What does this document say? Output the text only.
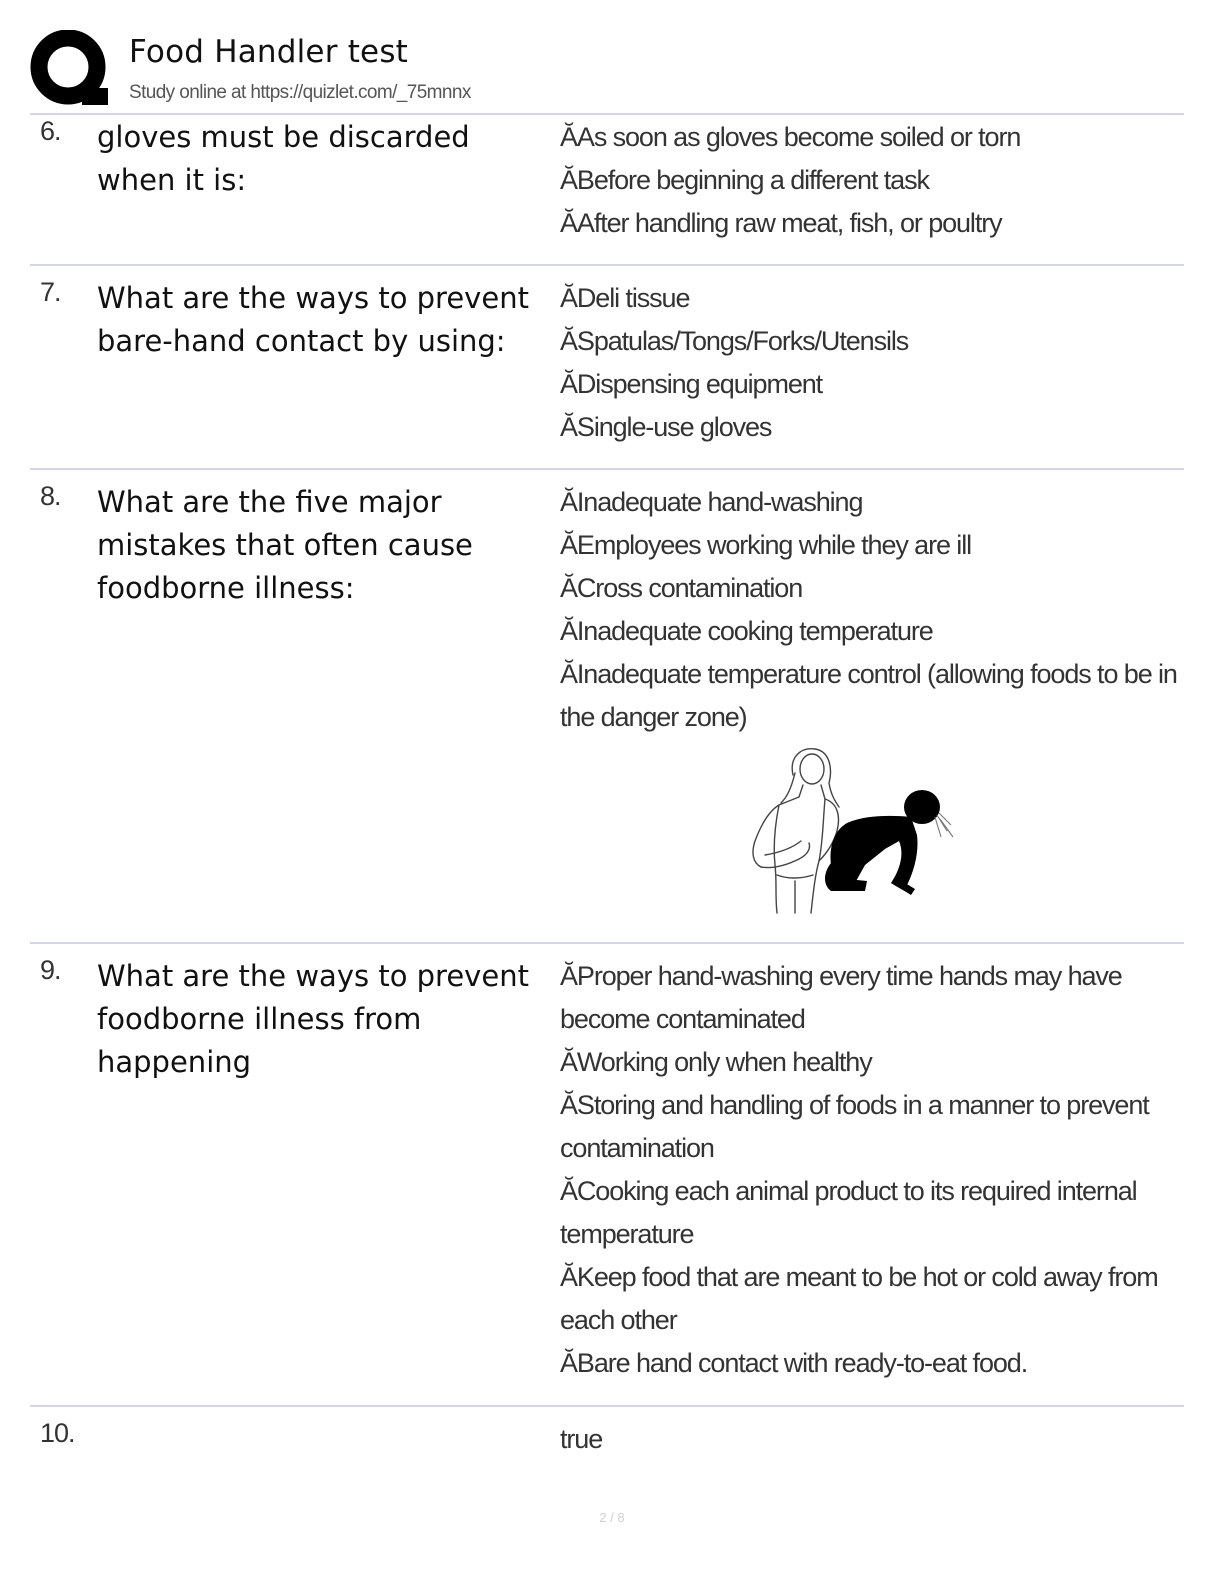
Food Handler test
Study online at https://quizlet.com/_75mnnx
6. gloves must be discarded when it is:
ĂAs soon as gloves become soiled or torn
ĂBefore beginning a different task
ĂAfter handling raw meat, fish, or poultry
7. What are the ways to prevent bare-hand contact by using:
ĂDeli tissue
ĂSpatulas/Tongs/Forks/Utensils
ĂDispensing equipment
ĂSingle-use gloves
8. What are the five major mistakes that often cause foodborne illness:
ĂInadequate hand-washing
ĂEmployees working while they are ill
ĂCross contamination
ĂInadequate cooking temperature
ĂInadequate temperature control (allowing foods to be in the danger zone)
9. What are the ways to prevent foodborne illness from happening
ĂProper hand-washing every time hands may have become contaminated
ĂWorking only when healthy
ĂStoring and handling of foods in a manner to prevent contamination
ĂCooking each animal product to its required internal temperature
ĂKeep food that are meant to be hot or cold away from each other
ĂBare hand contact with ready-to-eat food.
10.	true
2 / 8
